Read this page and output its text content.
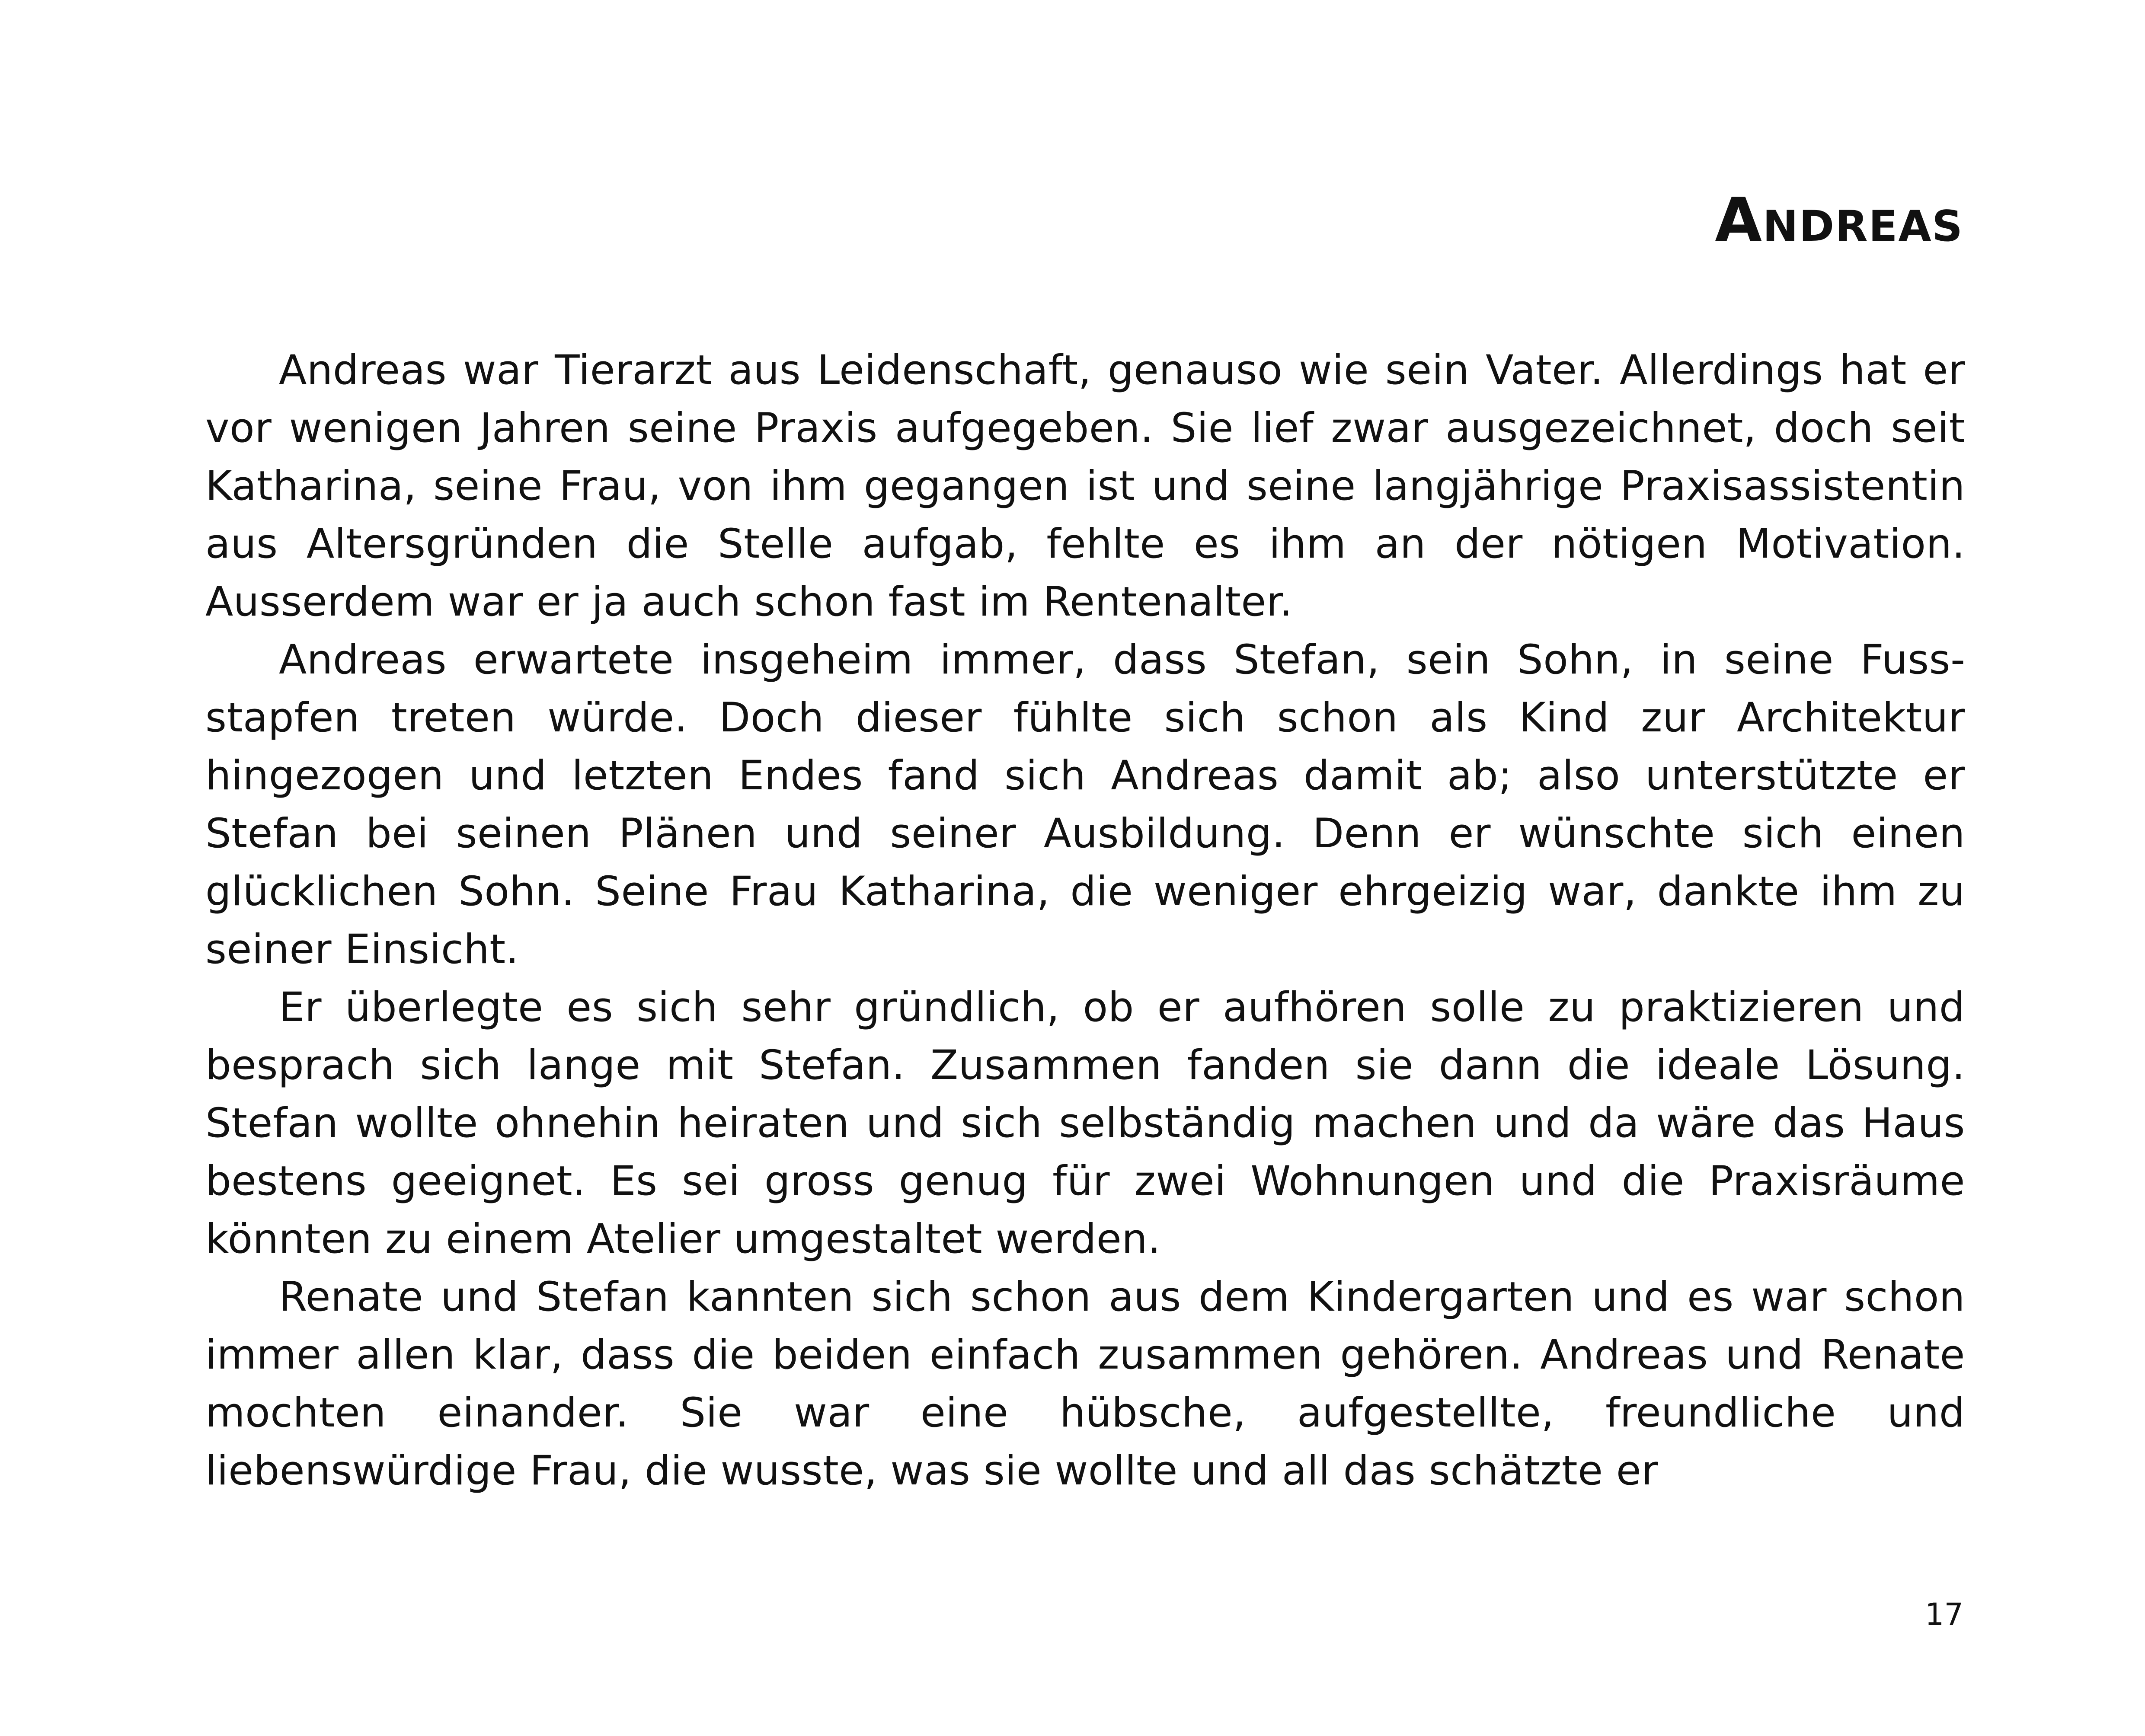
Andreas

Andreas war Tierarzt aus Leidenschaft, genauso wie sein Vater. Allerdings hat er vor wenigen Jahren seine Praxis aufgegeben. Sie lief zwar ausgezeichnet, doch seit Katharina, seine Frau, von ihm gegangen ist und seine langjährige Praxisassistentin aus Altersgründen die Stelle aufgab, fehlte es ihm an der nötigen Motivation. Ausserdem war er ja auch schon fast im Rentenalter.

Andreas erwartete insgeheim immer, dass Stefan, sein Sohn, in seine Fussstapfen treten würde. Doch dieser fühlte sich schon als Kind zur Architektur hingezogen und letzten Endes fand sich Andreas damit ab; also unterstützte er Stefan bei seinen Plänen und seiner Ausbildung. Denn er wünschte sich einen glücklichen Sohn. Seine Frau Katharina, die weniger ehrgeizig war, dankte ihm zu seiner Einsicht.

Er überlegte es sich sehr gründlich, ob er aufhören solle zu praktizieren und besprach sich lange mit Stefan. Zusammen fanden sie dann die ideale Lösung. Stefan wollte ohnehin heiraten und sich selbständig machen und da wäre das Haus bestens geeignet. Es sei gross genug für zwei Wohnungen und die Praxisräume könnten zu einem Atelier umgestaltet werden.

Renate und Stefan kannten sich schon aus dem Kindergarten und es war schon immer allen klar, dass die beiden einfach zusammen gehören. Andreas und Renate mochten einander. Sie war eine hübsche, aufgestellte, freundliche und liebenswürdige Frau, die wusste, was sie wollte und all das schätzte er

17
